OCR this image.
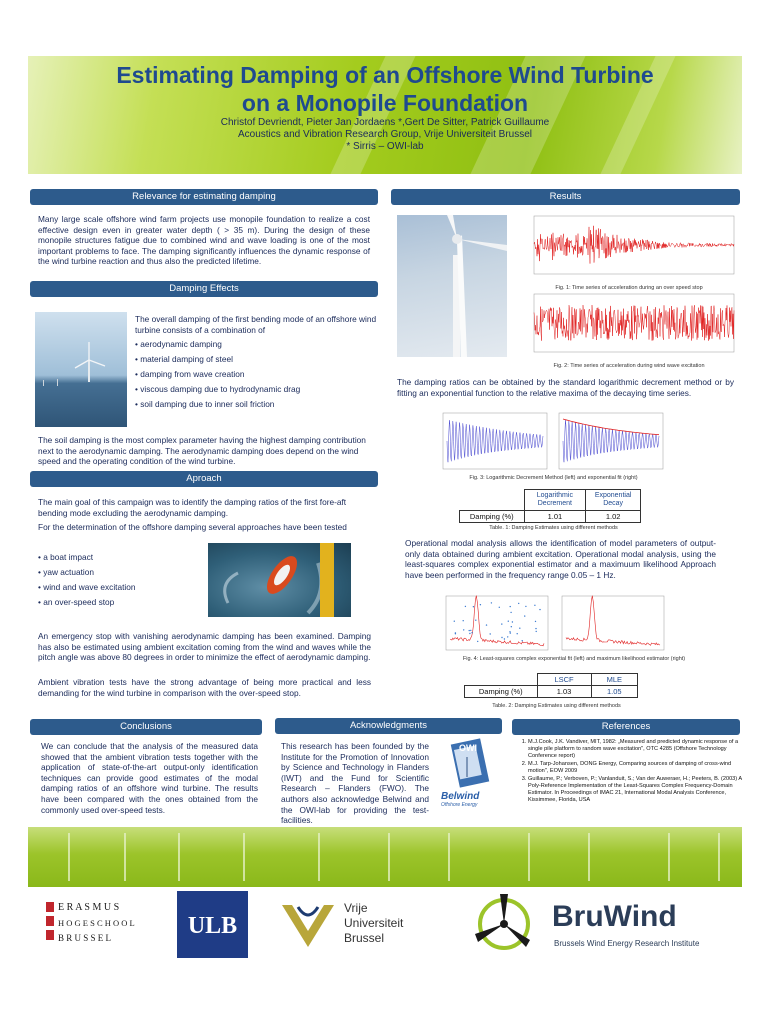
Estimating Damping of an Offshore Wind Turbine
on a Monopile Foundation
Christof Devriendt, Pieter Jan Jordaens *,Gert De Sitter, Patrick Guillaume
Acoustics and Vibration Research Group, Vrije Universiteit Brussel
* Sirris – OWI-lab
Relevance for estimating damping
Many large scale offshore wind farm projects use monopile foundation to realize a cost effective design even in greater water depth ( > 35 m). During the design of these monopile structures fatigue due to combined wind and wave loading is one of the most important problems to face. The damping significantly influences the dynamic response of the wind turbine reaction and thus also the predicted lifetime.
Damping Effects
The overall damping of the first bending mode of an offshore wind turbine consists of a combination of
• aerodynamic damping
• material damping of steel
• damping from wave creation
• viscous damping due to hydrodynamic drag
• soil damping due to inner soil friction
The soil damping is the most complex parameter having the highest damping contribution next to the aerodynamic damping. The aerodynamic damping does depend on the wind speed and the operating condition of the wind turbine.
Aproach
The main goal of this campaign was to identify the damping ratios of the first fore-aft bending mode excluding the aerodynamic damping.
For the determination of the offshore damping several approaches have been tested
• a boat impact
• yaw actuation
• wind and wave excitation
• an over-speed stop
An emergency stop with vanishing aerodynamic damping has been examined. Damping has also be estimated using ambient excitation coming from the wind and waves while the pitch angle was above 80 degrees in order to minimize the effect of aerodynamic damping.
Ambient vibration tests have the strong advantage of being more practical and less demanding for the wind turbine in comparison with the over-speed stop.
Results
Fig. 1: Time series of acceleration during an over speed stop
Fig. 2: Time series of acceleration during wind wave excitation
The damping ratios can be obtained by the standard logarithmic decrement method or by fitting an exponential function to the relative maxima of the decaying time series.
Fig. 3: Logarithmic Decrement Method (left) and exponential fit (right)
	Logarithmic Decrement	Exponential Decay
Damping (%)	1.01	1.02
Table. 1: Damping Estimates using different methods
Operational modal analysis allows the identification of model parameters of output-only data obtained during ambient excitation. Operational modal analysis, using the least-squares complex exponential estimator and a maximuum likelihood Approach have been performed in the frequency range 0.05 – 1 Hz.
Fig. 4: Least-squares complex exponential fit (left) and maximum likelihood estimator (right)
	LSCF	MLE
Damping (%)	1.03	1.05
Table. 2: Damping Estimates using different methods
Conclusions
We can conclude that the analysis of the measured data showed that the ambient vibration tests together with the application of state-of-the-art output-only identification techniques can provide good estimates of the modal damping ratios of an offshore wind turbine. The results have been compared with the ones obtained from the commonly used over-speed tests.
Acknowledgments
This research has been founded by the Institute for the Promotion of Innovation by Science and Technology in Flanders (IWT) and the Fund for Scientific Research – Flanders (FWO). The authors also acknowledge Belwind and the OWI-lab for providing the test-facilities.
OWI
Belwind
Offshore Energy
References
1. M.J.Cook, J.K. Vandiver, MIT, 1982: „Measured and predicted dynamic response of a single pile platform to random wave excitation", OTC 4285 (Offshore Technology Conference report)
2. M.J. Tarp-Johansen, DONG Energy, Comparing sources of damping of cross-wind motion", EOW 2009
3. Guillaume, P.; Verboven, P.; Vanlanduit, S.; Van der Auweraer, H.; Peeters, B. (2003) A Poly-Reference Implementation of the Least-Squares Complex Frequency-Domain Estimator. In Proceedings of IMAC 21, International Modal Analysis Conference, Kissimmee, Florida, USA
E R A S M U S
H O G E S C H O O L
B R U S S E L	ULB
Vrije
Universiteit
Brussel
BruWind
Brussels Wind Energy Research Institute
